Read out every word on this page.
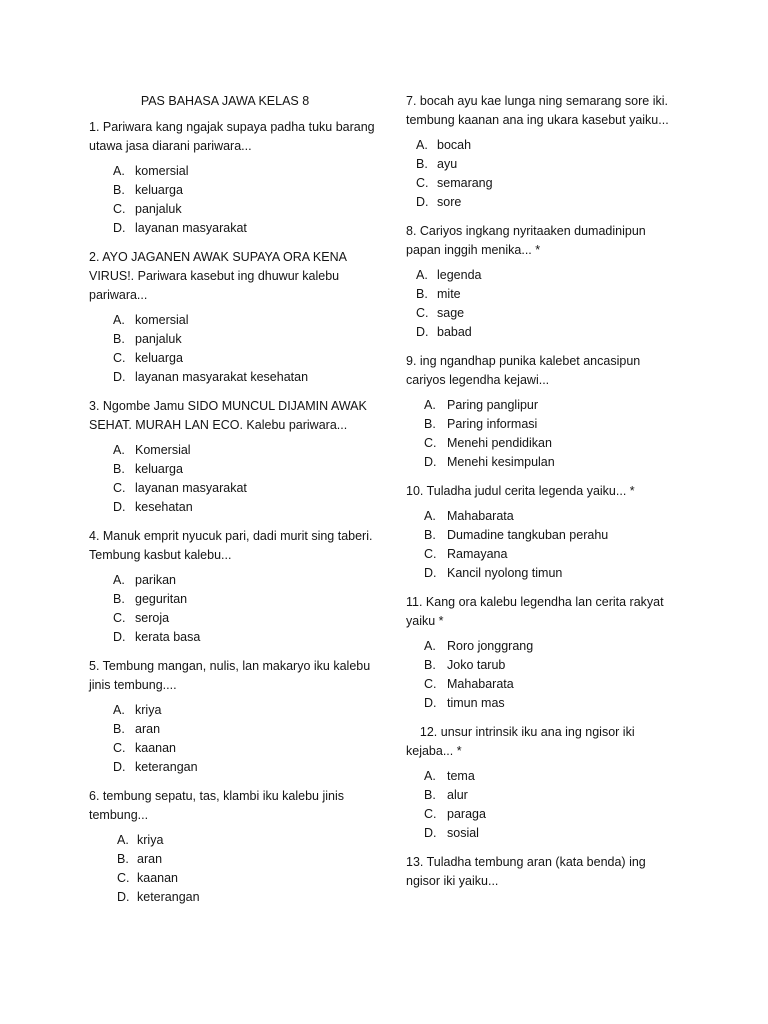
PAS BAHASA JAWA KELAS 8
1. Pariwara kang ngajak supaya padha tuku barang utawa jasa diarani pariwara...
A. komersial
B. keluarga
C. panjaluk
D. layanan masyarakat
2. AYO JAGANEN AWAK SUPAYA ORA KENA VIRUS!. Pariwara kasebut ing dhuwur kalebu pariwara...
A. komersial
B. panjaluk
C. keluarga
D. layanan masyarakat kesehatan
3. Ngombe Jamu SIDO MUNCUL DIJAMIN AWAK SEHAT. MURAH LAN ECO. Kalebu pariwara...
A. Komersial
B. keluarga
C. layanan masyarakat
D. kesehatan
4. Manuk emprit nyucuk pari, dadi murit sing taberi. Tembung kasbut kalebu...
A. parikan
B. geguritan
C. seroja
D. kerata basa
5. Tembung mangan, nulis, lan makaryo iku kalebu jinis tembung....
A. kriya
B. aran
C. kaanan
D. keterangan
6. tembung sepatu, tas, klambi iku kalebu jinis tembung...
A. kriya
B. aran
C. kaanan
D. keterangan
7. bocah ayu kae lunga ning semarang sore iki. tembung kaanan ana ing ukara kasebut yaiku...
A. bocah
B. ayu
C. semarang
D. sore
8. Cariyos ingkang nyritaaken dumadinipun papan inggih menika... *
A. legenda
B. mite
C. sage
D. babad
9. ing ngandhap punika kalebet ancasipun cariyos legendha kejawi...
A. Paring panglipur
B. Paring informasi
C. Menehi pendidikan
D. Menehi kesimpulan
10. Tuladha judul cerita legenda yaiku... *
A. Mahabarata
B. Dumadine tangkuban perahu
C. Ramayana
D. Kancil nyolong timun
11. Kang ora kalebu legendha lan cerita rakyat yaiku *
A. Roro jonggrang
B. Joko tarub
C. Mahabarata
D. timun mas
12. unsur intrinsik iku ana ing ngisor iki kejaba... *
A. tema
B. alur
C. paraga
D. sosial
13. Tuladha tembung aran (kata benda) ing ngisor iki yaiku...
